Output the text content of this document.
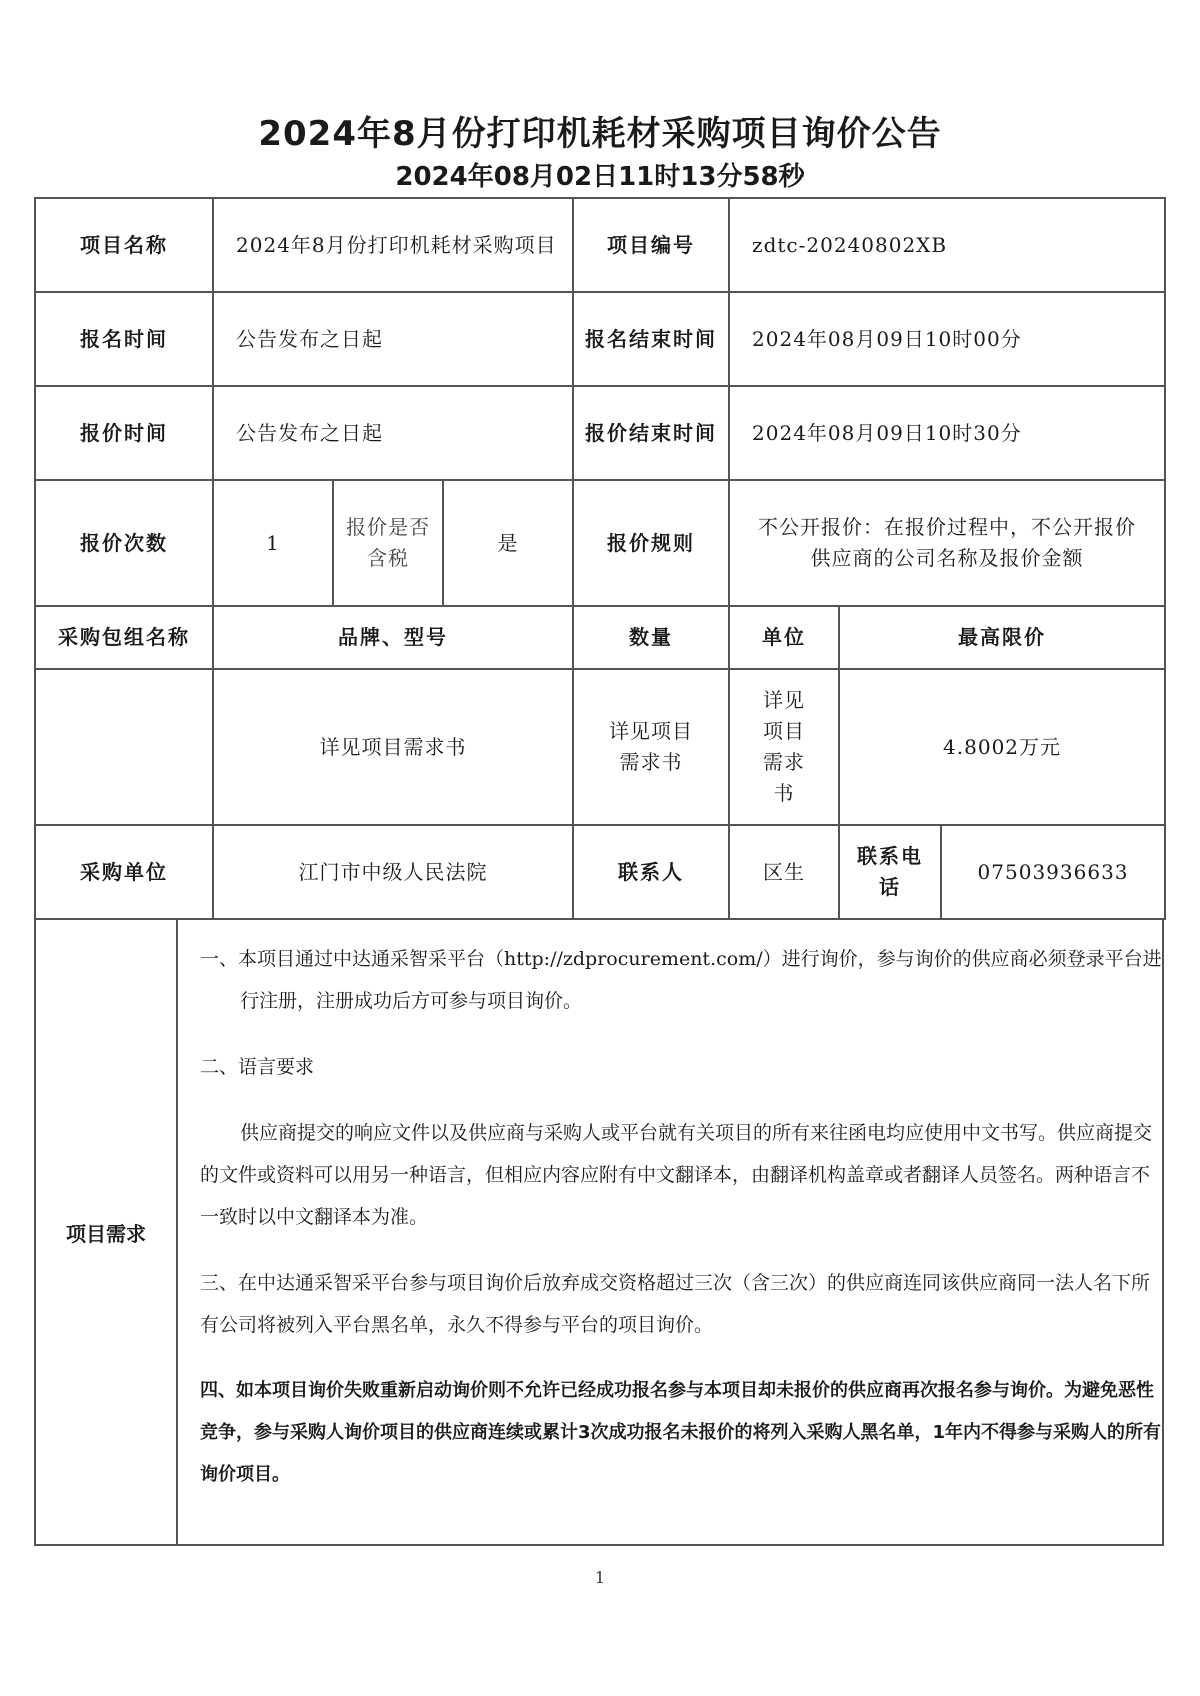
2024年8月份打印机耗材采购项目询价公告
2024年08月02日11时13分58秒
项目名称	2024年8月份打印机耗材采购项目			项目编号	zdtc-20240802XB		
报名时间	公告发布之日起			报名结束时间	2024年08月09日10时00分		
报价时间	公告发布之日起			报价结束时间	2024年08月09日10时30分		
报价次数	1	报价是否含税	是	报价规则	不公开报价：在报价过程中，不公开报价供应商的公司名称及报价金额		
采购包组名称	品牌、型号			数量	单位	最高限价	
	详见项目需求书			详见项目需求书	详见项目需求书	4.8002万元	
采购单位	江门市中级人民法院			联系人	区生	联系电话	07503936633
项目需求

一、本项目通过中达通采智采平台（http://zdprocurement.com/）进行询价，参与询价的供应商必须登录平台进行注册，注册成功后方可参与项目询价。

二、语言要求

供应商提交的响应文件以及供应商与采购人或平台就有关项目的所有来往函电均应使用中文书写。供应商提交的文件或资料可以用另一种语言，但相应内容应附有中文翻译本，由翻译机构盖章或者翻译人员签名。两种语言不一致时以中文翻译本为准。

三、在中达通采智采平台参与项目询价后放弃成交资格超过三次（含三次）的供应商连同该供应商同一法人名下所有公司将被列入平台黑名单，永久不得参与平台的项目询价。

四、如本项目询价失败重新启动询价则不允许已经成功报名参与本项目却未报价的供应商再次报名参与询价。为避免恶性竞争，参与采购人询价项目的供应商连续或累计3次成功报名未报价的将列入采购人黑名单，1年内不得参与采购人的所有询价项目。

1
